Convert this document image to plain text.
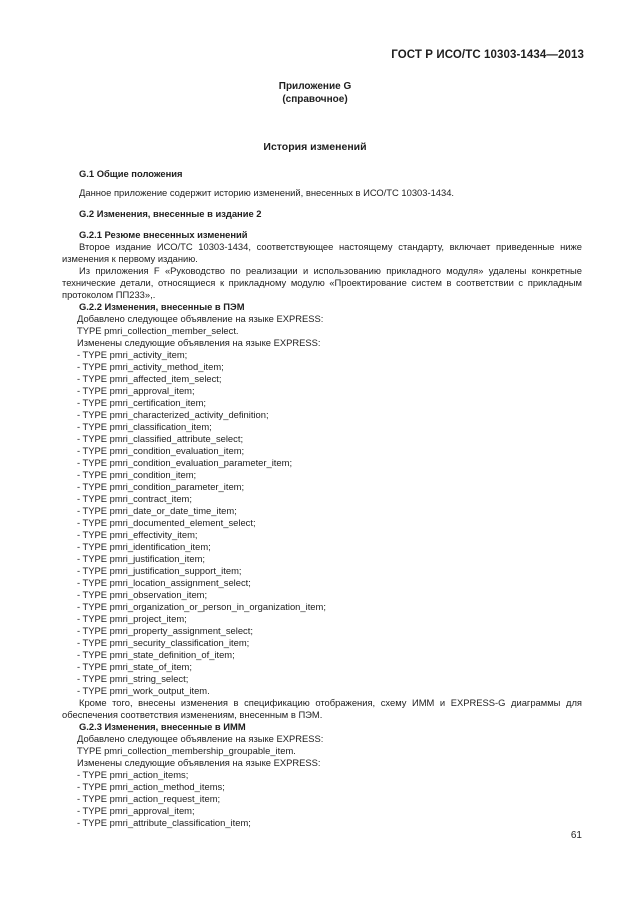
ГОСТ Р ИСО/ТС 10303-1434—2013
Приложение G
(справочное)
История изменений

G.1 Общие положения

Данное приложение содержит историю изменений, внесенных в ИСО/ТС 10303-1434.

G.2 Изменения, внесенные в издание 2

G.2.1 Резюме внесенных изменений

Второе издание ИСО/ТС 10303-1434, соответствующее настоящему стандарту, включает приведенные ниже изменения к первому изданию.

Из приложения F «Руководство по реализации и использованию прикладного модуля» удалены конкретные технические детали, относящиеся к прикладному модулю «Проектирование систем в соответствии с прикладным протоколом ПП233»,.

G.2.2 Изменения, внесенные в ПЭМ

Добавлено следующее объявление на языке EXPRESS:

TYPE pmri_collection_member_select.

Изменены следующие объявления на языке EXPRESS:

- TYPE pmri_activity_item;
- TYPE pmri_activity_method_item;
- TYPE pmri_affected_item_select;
- TYPE pmri_approval_item;
- TYPE pmri_certification_item;
- TYPE pmri_characterized_activity_definition;
- TYPE pmri_classification_item;
- TYPE pmri_classified_attribute_select;
- TYPE pmri_condition_evaluation_item;
- TYPE pmri_condition_evaluation_parameter_item;
- TYPE pmri_condition_item;
- TYPE pmri_condition_parameter_item;
- TYPE pmri_contract_item;
- TYPE pmri_date_or_date_time_item;
- TYPE pmri_documented_element_select;
- TYPE pmri_effectivity_item;
- TYPE pmri_identification_item;
- TYPE pmri_justification_item;
- TYPE pmri_justification_support_item;
- TYPE pmri_location_assignment_select;
- TYPE pmri_observation_item;
- TYPE pmri_organization_or_person_in_organization_item;
- TYPE pmri_project_item;
- TYPE pmri_property_assignment_select;
- TYPE pmri_security_classification_item;
- TYPE pmri_state_definition_of_item;
- TYPE pmri_state_of_item;
- TYPE pmri_string_select;
- TYPE pmri_work_output_item.

Кроме того, внесены изменения в спецификацию отображения, схему ИММ и EXPRESS-G диаграммы для обеспечения соответствия изменениям, внесенным в ПЭМ.

G.2.3 Изменения, внесенные в ИММ

Добавлено следующее объявление на языке EXPRESS:

TYPE pmri_collection_membership_groupable_item.

Изменены следующие объявления на языке EXPRESS:

- TYPE pmri_action_items;
- TYPE pmri_action_method_items;
- TYPE pmri_action_request_item;
- TYPE pmri_approval_item;
- TYPE pmri_attribute_classification_item;
61
